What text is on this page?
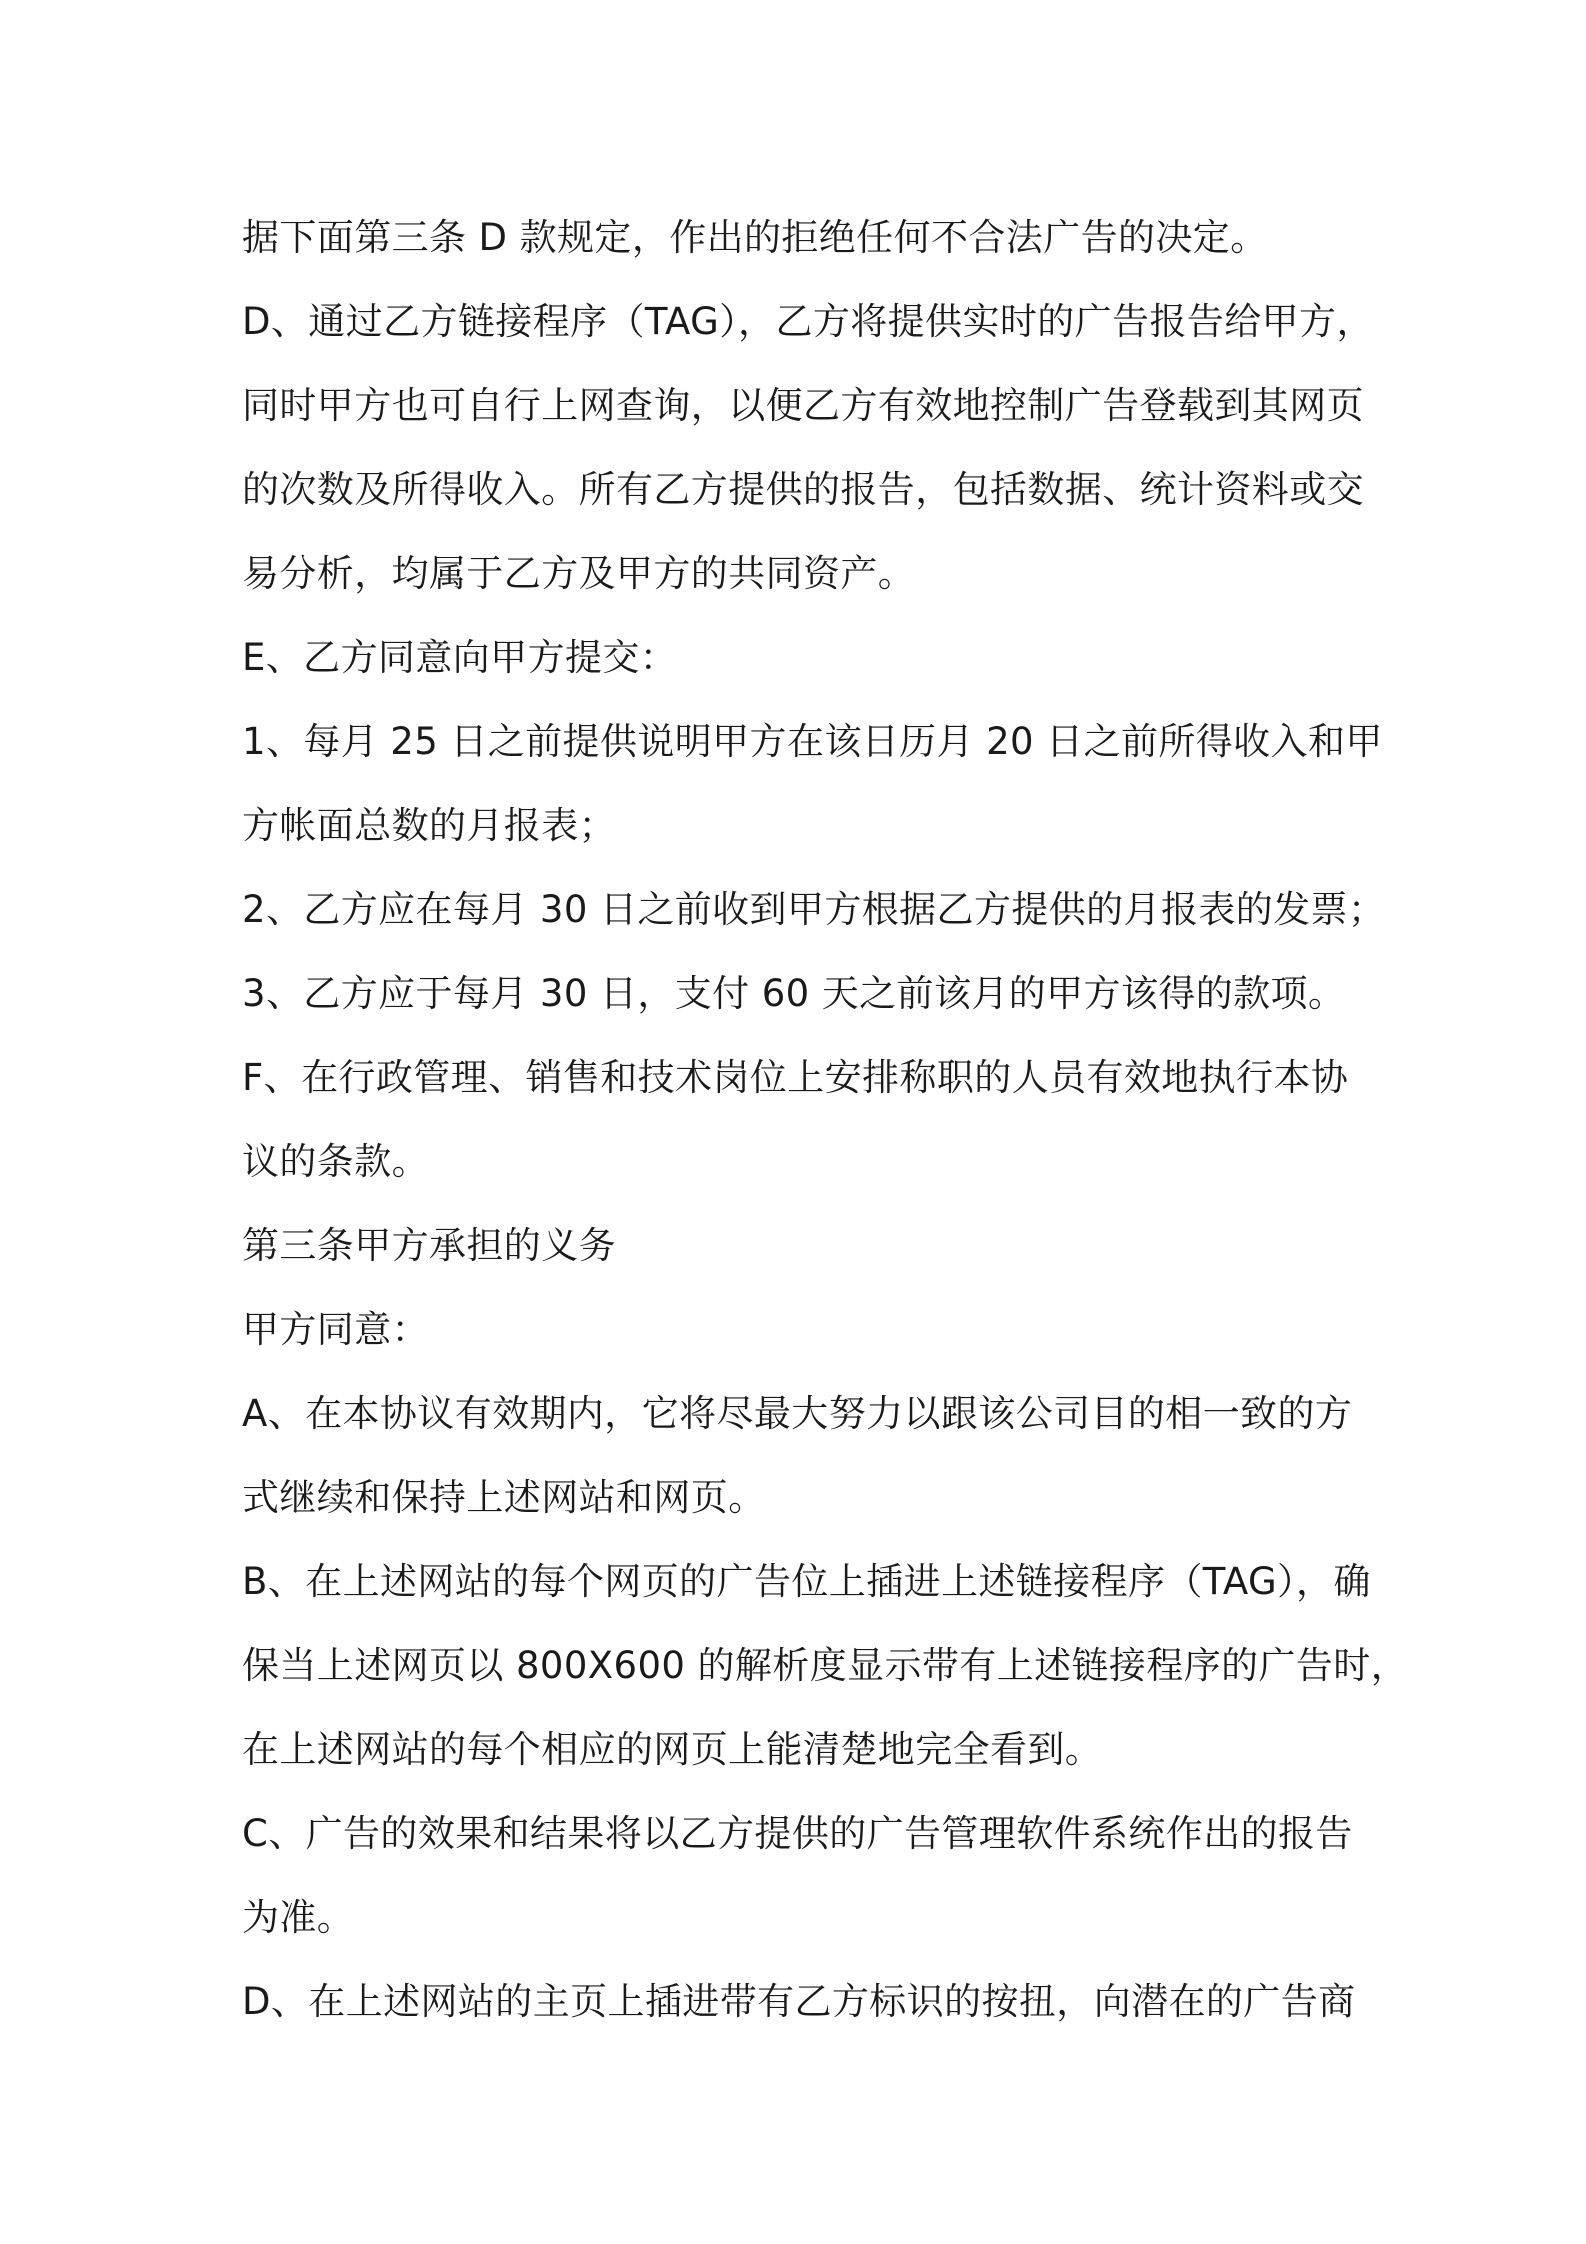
据下面第三条 D 款规定，作出的拒绝任何不合法广告的决定。
D、通过乙方链接程序（TAG），乙方将提供实时的广告报告给甲方，
同时甲方也可自行上网查询，以便乙方有效地控制广告登载到其网页
的次数及所得收入。所有乙方提供的报告，包括数据、统计资料或交
易分析，均属于乙方及甲方的共同资产。
E、乙方同意向甲方提交：
1、每月 25 日之前提供说明甲方在该日历月 20 日之前所得收入和甲
方帐面总数的月报表；
2、乙方应在每月 30 日之前收到甲方根据乙方提供的月报表的发票；
3、乙方应于每月 30 日，支付 60 天之前该月的甲方该得的款项。
F、在行政管理、销售和技术岗位上安排称职的人员有效地执行本协
议的条款。
第三条甲方承担的义务
甲方同意：
A、在本协议有效期内，它将尽最大努力以跟该公司目的相一致的方
式继续和保持上述网站和网页。
B、在上述网站的每个网页的广告位上插进上述链接程序（TAG），确
保当上述网页以 800X600 的解析度显示带有上述链接程序的广告时，
在上述网站的每个相应的网页上能清楚地完全看到。
C、广告的效果和结果将以乙方提供的广告管理软件系统作出的报告
为准。
D、在上述网站的主页上插进带有乙方标识的按扭，向潜在的广告商
